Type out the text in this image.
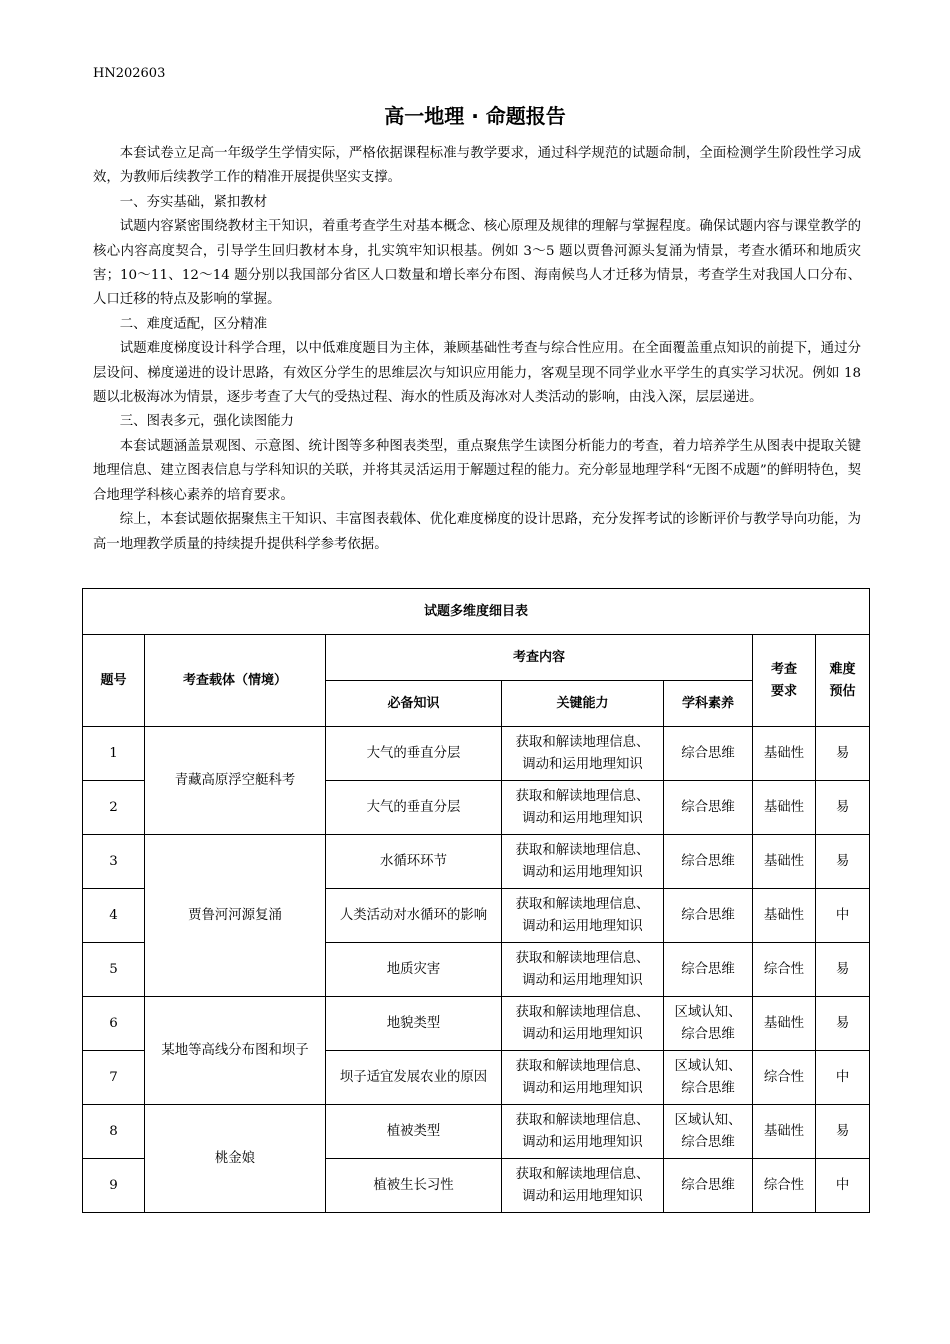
HN202603
高一地理 · 命题报告

本套试卷立足高一年级学生学情实际，严格依据课程标准与教学要求，通过科学规范的试题命制，全面检测学生阶段性学习成效，为教师后续教学工作的精准开展提供坚实支撑。

一、夯实基础，紧扣教材

试题内容紧密围绕教材主干知识，着重考查学生对基本概念、核心原理及规律的理解与掌握程度。确保试题内容与课堂教学的核心内容高度契合，引导学生回归教材本身，扎实筑牢知识根基。例如 3～5 题以贾鲁河源头复涌为情景，考查水循环和地质灾害；10～11、12～14 题分别以我国部分省区人口数量和增长率分布图、海南候鸟人才迁移为情景，考查学生对我国人口分布、人口迁移的特点及影响的掌握。

二、难度适配，区分精准

试题难度梯度设计科学合理，以中低难度题目为主体，兼顾基础性考查与综合性应用。在全面覆盖重点知识的前提下，通过分层设问、梯度递进的设计思路，有效区分学生的思维层次与知识应用能力，客观呈现不同学业水平学生的真实学习状况。例如 18 题以北极海冰为情景，逐步考查了大气的受热过程、海水的性质及海冰对人类活动的影响，由浅入深，层层递进。

三、图表多元，强化读图能力

本套试题涵盖景观图、示意图、统计图等多种图表类型，重点聚焦学生读图分析能力的考查，着力培养学生从图表中提取关键地理信息、建立图表信息与学科知识的关联，并将其灵活运用于解题过程的能力。充分彰显地理学科“无图不成题”的鲜明特色，契合地理学科核心素养的培育要求。

综上，本套试题依据聚焦主干知识、丰富图表载体、优化难度梯度的设计思路，充分发挥考试的诊断评价与教学导向功能，为高一地理教学质量的持续提升提供科学参考依据。

试题多维度细目表						
题号	考查载体（情境）	考查内容			考查要求	难度预估
		必备知识	关键能力	学科素养		
1	青藏高原浮空艇科考	大气的垂直分层	获取和解读地理信息、调动和运用地理知识	综合思维	基础性	易
2		大气的垂直分层	获取和解读地理信息、调动和运用地理知识	综合思维	基础性	易
3	贾鲁河河源复涌	水循环环节	获取和解读地理信息、调动和运用地理知识	综合思维	基础性	易
4		人类活动对水循环的影响	获取和解读地理信息、调动和运用地理知识	综合思维	基础性	中
5		地质灾害	获取和解读地理信息、调动和运用地理知识	综合思维	综合性	易
6	某地等高线分布图和坝子	地貌类型	获取和解读地理信息、调动和运用地理知识	区域认知、综合思维	基础性	易
7		坝子适宜发展农业的原因	获取和解读地理信息、调动和运用地理知识	区域认知、综合思维	综合性	中
8	桃金娘	植被类型	获取和解读地理信息、调动和运用地理知识	区域认知、综合思维	基础性	易
9		植被生长习性	获取和解读地理信息、调动和运用地理知识	综合思维	综合性	中
